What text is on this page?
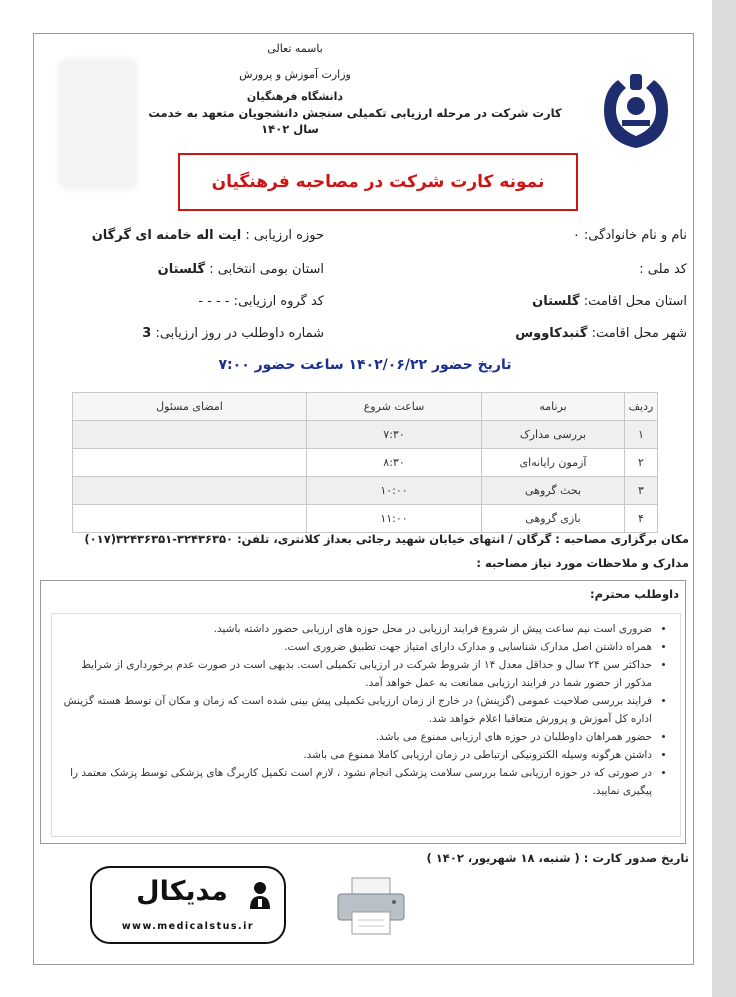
باسمه تعالی
وزارت آموزش و پرورش
دانشگاه فرهنگیان
کارت شرکت در مرحله ارزیابی تکمیلی سنجش دانشجویان متعهد به خدمت
سال ۱۴۰۲
نمونه کارت شرکت در مصاحبه فرهنگیان
نام و نام خانوادگی: ۰
حوزه ارزیابی : ایت اله خامنه ای گرگان
کد ملی :
استان بومی انتخابی : گلستان
استان محل اقامت: گلستان
کد گروه ارزیابی: - - - -
شهر محل اقامت: گنبدکاووس
شماره داوطلب در روز ارزیابی: 3
تاریخ حضور ۱۴۰۲/۰۶/۲۲ ساعت حضور ۷:۰۰
ردیف	برنامه	ساعت شروع	امضای مسئول
۱	بررسی مدارک	۷:۳۰	
۲	آزمون رایانه‌ای	۸:۳۰	
۳	بحث گروهی	۱۰:۰۰	
۴	بازی گروهی	۱۱:۰۰	
مکان برگزاری مصاحبه : گرگان / انتهای خیابان شهید رجائی بعداز کلانتری، تلفن: ۳۲۴۳۶۳۵۰-۳۲۴۳۶۳۵۱(۰۱۷)
مدارک و ملاحظات مورد نیاز مصاحبه :
داوطلب محترم:
• ضروری است نیم ساعت پیش از شروع فرایند ارزیابی در محل حوزه های ارزیابی حضور داشته باشید.
• همراه داشتن اصل مدارک شناسایی و مدارک دارای امتیاز جهت تطبیق ضروری است.
• حداکثر سن ۲۴ سال و حداقل معدل ۱۴ از شروط شرکت در ارزیابی تکمیلی است. بدیهی است در صورت عدم برخورداری از شرایط مذکور از حضور شما در فرایند ارزیابی ممانعت به عمل خواهد آمد.
• فرایند بررسی صلاحیت عمومی (گزینش) در خارج از زمان ارزیابی تکمیلی پیش بینی شده است که زمان و مکان آن توسط هسته گزینش اداره کل آموزش و پرورش متعاقبا اعلام خواهد شد.
• حضور همراهان داوطلبان در حوزه های ارزیابی ممنوع می باشد.
• داشتن هرگونه وسیله الکترونیکی ارتباطی در زمان ارزیابی کاملا ممنوع می باشد.
• در صورتی که در حوزه ارزیابی شما بررسی سلامت پزشکی انجام نشود ، لازم است تکمیل کاربرگ های پزشکی توسط پزشک معتمد را پیگیری نمایید.
تاریخ صدور کارت : ( شنبه، ۱۸ شهریور، ۱۴۰۲ )
مدیکال
www.medicalstus.ir
